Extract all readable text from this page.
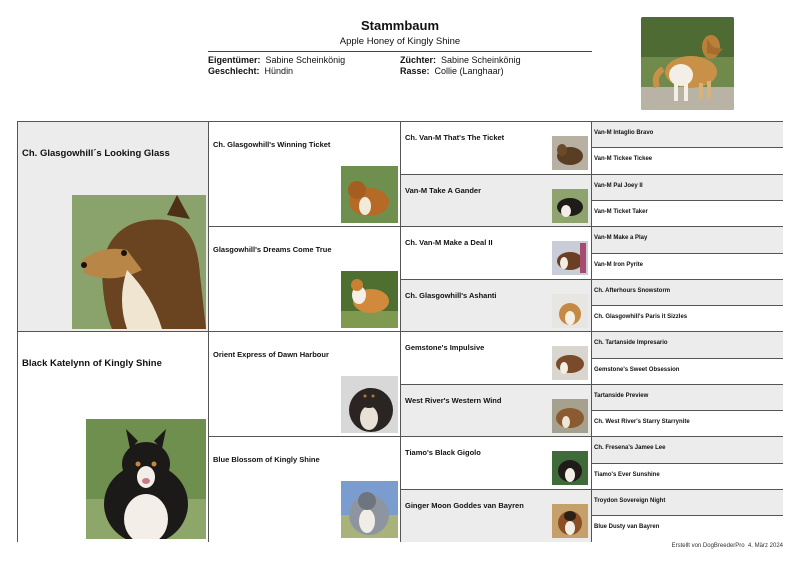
Stammbaum
Apple Honey of Kingly Shine
Eigentümer: Sabine Scheinkönig	Züchter: Sabine Scheinkönig
Geschlecht: Hündin	Rasse: Collie (Langhaar)
Ch. Glasgowhill´s Looking Glass
Black Katelynn of Kingly Shine
Ch. Glasgowhill's Winning Ticket
Glasgowhill's Dreams Come True
Orient Express of Dawn Harbour
Blue Blossom of Kingly Shine
Ch. Van-M That's The Ticket
Van-M Take A Gander
Ch. Van-M Make a Deal II
Ch. Glasgowhill's Ashanti
Gemstone's Impulsive
West River's Western Wind
Tiamo's Black Gigolo
Ginger Moon Goddes van Bayren
Van-M Intaglio Bravo
Van-M Tickee Tickee
Van-M Pal Joey II
Van-M Ticket Taker
Van-M Make a Play
Van-M Iron Pyrite
Ch. Afterhours Snowstorm
Ch. Glasgowhill's Paris it Sizzles
Ch. Tartanside Impresario
Gemstone's Sweet Obsession
Tartanside Preview
Ch. West River's Starry Starrynite
Ch. Fresena's Jamee Lee
Tiamo's Ever Sunshine
Troydon Sovereign Night
Blue Dusty van Bayren
Erstellt von DogBreederPro 4. März 2024
